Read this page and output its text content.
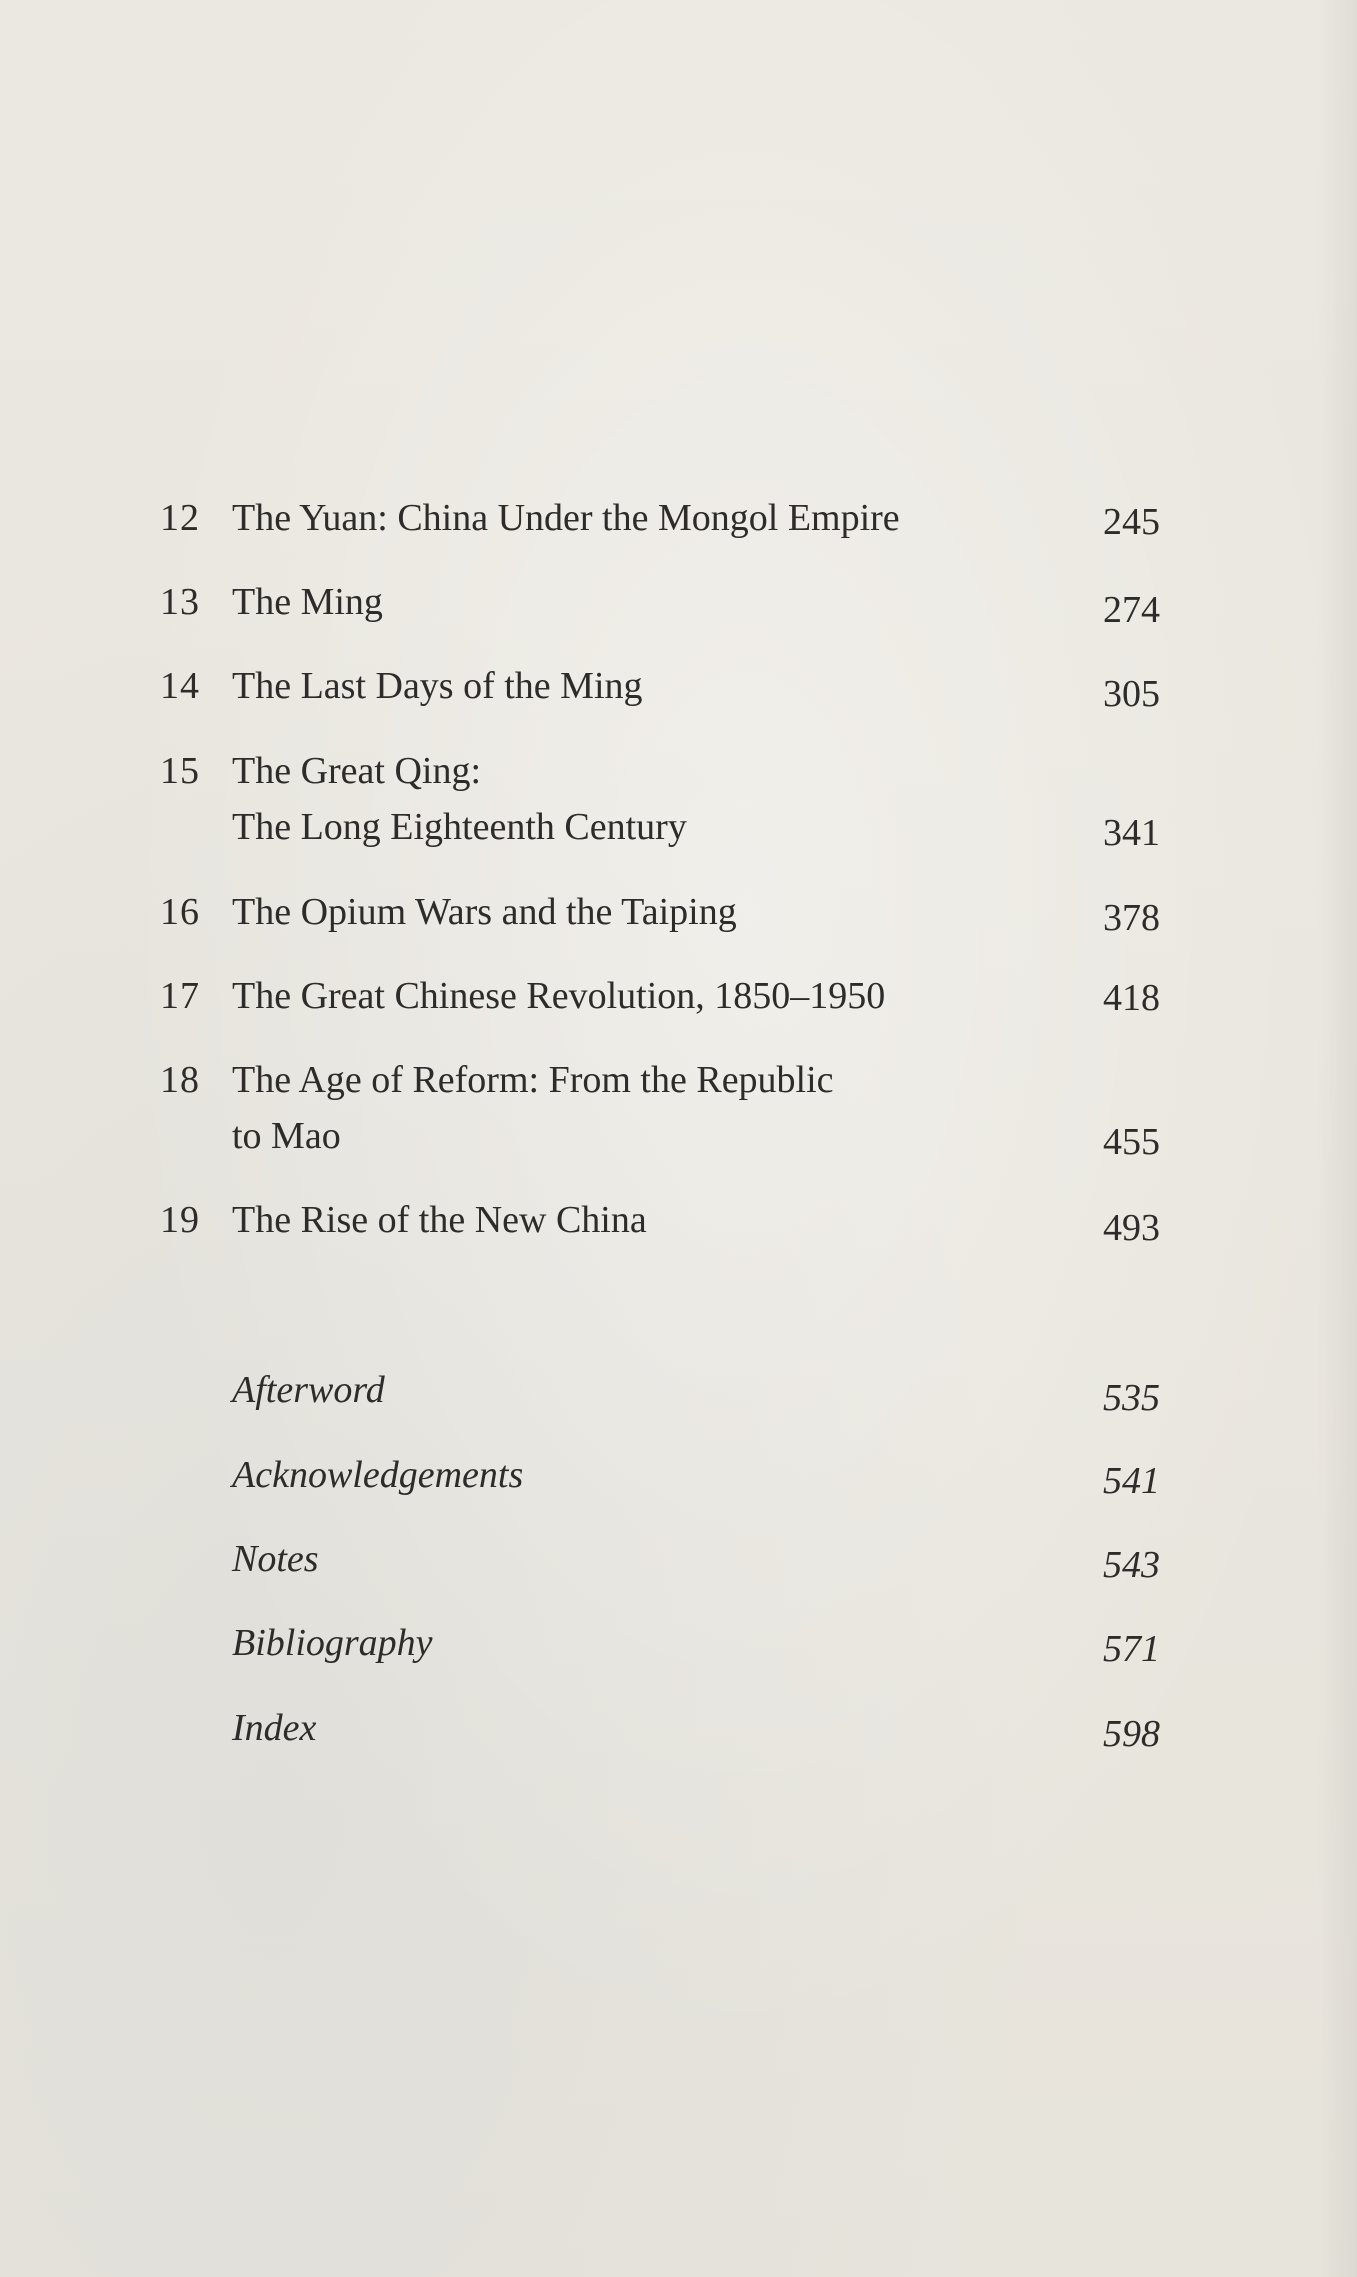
12 The Yuan: China Under the Mongol Empire	245
13 The Ming	274
14 The Last Days of the Ming	305
15 The Great Qing:
The Long Eighteenth Century	341
16 The Opium Wars and the Taiping	378
17 The Great Chinese Revolution, 1850–1950	418
18 The Age of Reform: From the Republic
to Mao	455
19 The Rise of the New China	493
Afterword	535
Acknowledgements	541
Notes	543
Bibliography	571
Index	598
